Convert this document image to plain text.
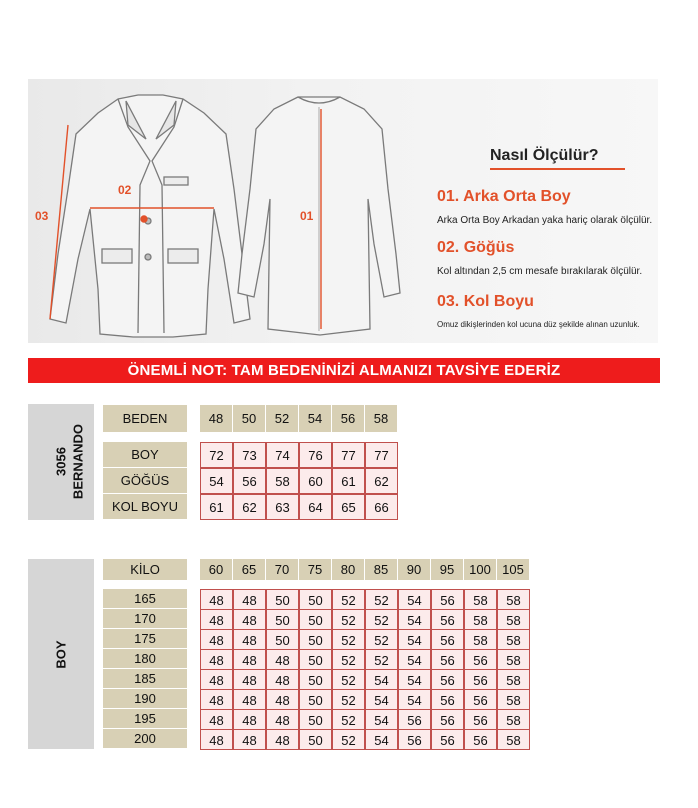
03
02
01
Nasıl Ölçülür?
01. Arka Orta Boy
Arka Orta Boy Arkadan yaka hariç olarak ölçülür.
02. Göğüs
Kol altından 2,5 cm mesafe bırakılarak ölçülür.
03. Kol Boyu
Omuz dikişlerinden kol ucuna düz şekilde alınan uzunluk.
ÖNEMLİ NOT: TAM BEDENİNİZİ ALMANIZI TAVSİYE EDERİZ
3056 BERNANDO
BEDEN	48	50	52	54	56	58
BOY	72	73	74	76	77	77
GÖĞÜS	54	56	58	60	61	62
KOL BOYU	61	62	63	64	65	66
BOY
KİLO	60	65	70	75	80	85	90	95	100 105
165	48	48	50	50	52	52	54	56	58	58
170	48	48	50	50	52	52	54	56	58	58
175	48	48	50	50	52	52	54	56	58	58
180	48	48	48	50	52	52	54	56	56	58
185	48	48	48	50	52	54	54	56	56	58
190	48	48	48	50	52	54	54	56	56	58
195	48	48	48	50	52	54	56	56	56	58
200	48	48	48	50	52	54	56	56	56	58
